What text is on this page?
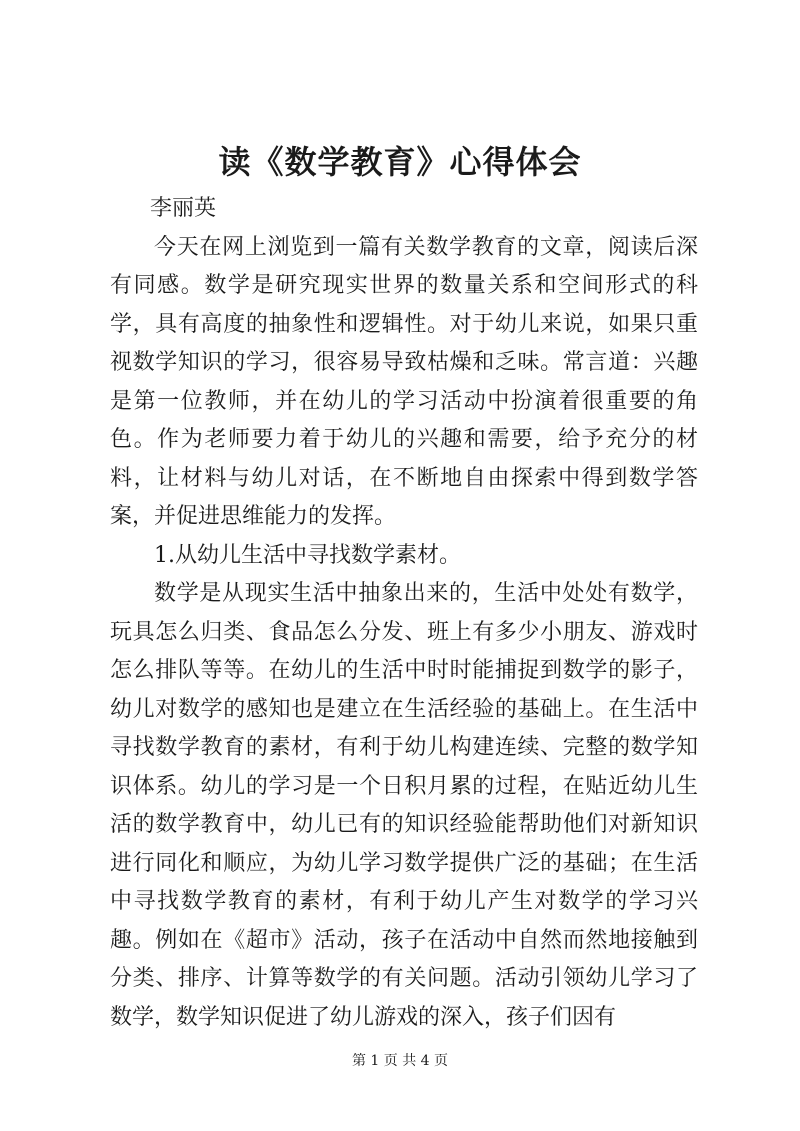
读《数学教育》心得体会

李丽英

今天在网上浏览到一篇有关数学教育的文章，阅读后深有同感。数学是研究现实世界的数量关系和空间形式的科学，具有高度的抽象性和逻辑性。对于幼儿来说，如果只重视数学知识的学习，很容易导致枯燥和乏味。常言道：兴趣是第一位教师，并在幼儿的学习活动中扮演着很重要的角色。作为老师要力着于幼儿的兴趣和需要，给予充分的材料，让材料与幼儿对话，在不断地自由探索中得到数学答案，并促进思维能力的发挥。

1.从幼儿生活中寻找数学素材。

数学是从现实生活中抽象出来的，生活中处处有数学，玩具怎么归类、食品怎么分发、班上有多少小朋友、游戏时怎么排队等等。在幼儿的生活中时时能捕捉到数学的影子，幼儿对数学的感知也是建立在生活经验的基础上。在生活中寻找数学教育的素材，有利于幼儿构建连续、完整的数学知识体系。幼儿的学习是一个日积月累的过程，在贴近幼儿生活的数学教育中，幼儿已有的知识经验能帮助他们对新知识进行同化和顺应，为幼儿学习数学提供广泛的基础；在生活中寻找数学教育的素材，有利于幼儿产生对数学的学习兴趣。例如在《超市》活动，孩子在活动中自然而然地接触到分类、排序、计算等数学的有关问题。活动引领幼儿学习了数学，数学知识促进了幼儿游戏的深入，孩子们因有

第 1 页 共 4 页
